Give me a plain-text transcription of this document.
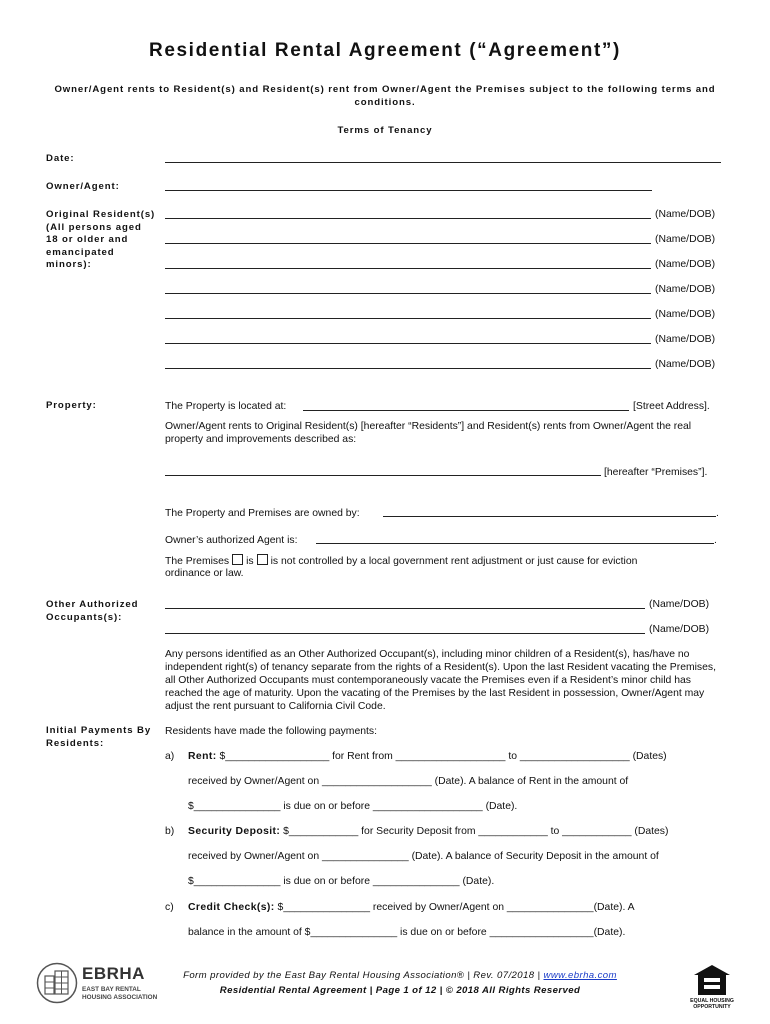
Residential Rental Agreement (“Agreement”)
Owner/Agent rents to Resident(s) and Resident(s) rent from Owner/Agent the Premises subject to the following terms and conditions.
Terms of Tenancy
Date:
Owner/Agent:
Original Resident(s) (All persons aged 18 or older and emancipated minors):
(Name/DOB)
(Name/DOB)
(Name/DOB)
(Name/DOB)
(Name/DOB)
(Name/DOB)
(Name/DOB)
Property:	The Property is located at:	[Street Address].
Owner/Agent rents to Original Resident(s) [hereafter “Residents”] and Resident(s) rents from Owner/Agent the real property and improvements described as:
[hereafter “Premises”].
The Property and Premises are owned by:	.
Owner’s authorized Agent is:	.
The Premises is is not controlled by a local government rent adjustment or just cause for eviction
ordinance or law.
Other Authorized Occupants(s):
(Name/DOB)
(Name/DOB)
Any persons identified as an Other Authorized Occupant(s), including minor children of a Resident(s), has/have no independent right(s) of tenancy separate from the rights of a Resident(s). Upon the last Resident vacating the Premises, all Other Authorized Occupants must contemporaneously vacate the Premises even if a Resident’s minor child has reached the age of maturity. Upon the vacating of the Premises by the last Resident in possession, Owner/Agent may adjust the rent pursuant to California Civil Code.
Initial Payments By Residents:
Residents have made the following payments:
a) Rent: $__________________ for Rent from ___________________ to ___________________ (Dates)
received by Owner/Agent on ___________________ (Date). A balance of Rent in the amount of
$_______________ is due on or before ___________________ (Date).
b) Security Deposit: $____________ for Security Deposit from ____________ to ____________ (Dates)
received by Owner/Agent on _______________ (Date). A balance of Security Deposit in the amount of
$_______________ is due on or before _______________ (Date).
c) Credit Check(s): $_______________ received by Owner/Agent on _______________(Date). A
balance in the amount of $_______________ is due on or before __________________(Date).
EBRHA
EAST BAY RENTAL
HOUSING ASSOCIATION
Form provided by the East Bay Rental Housing Association® | Rev. 07/2018 | www.ebrha.com
Residential Rental Agreement | Page 1 of 12 | © 2018 All Rights Reserved
EQUAL HOUSING
OPPORTUNITY
